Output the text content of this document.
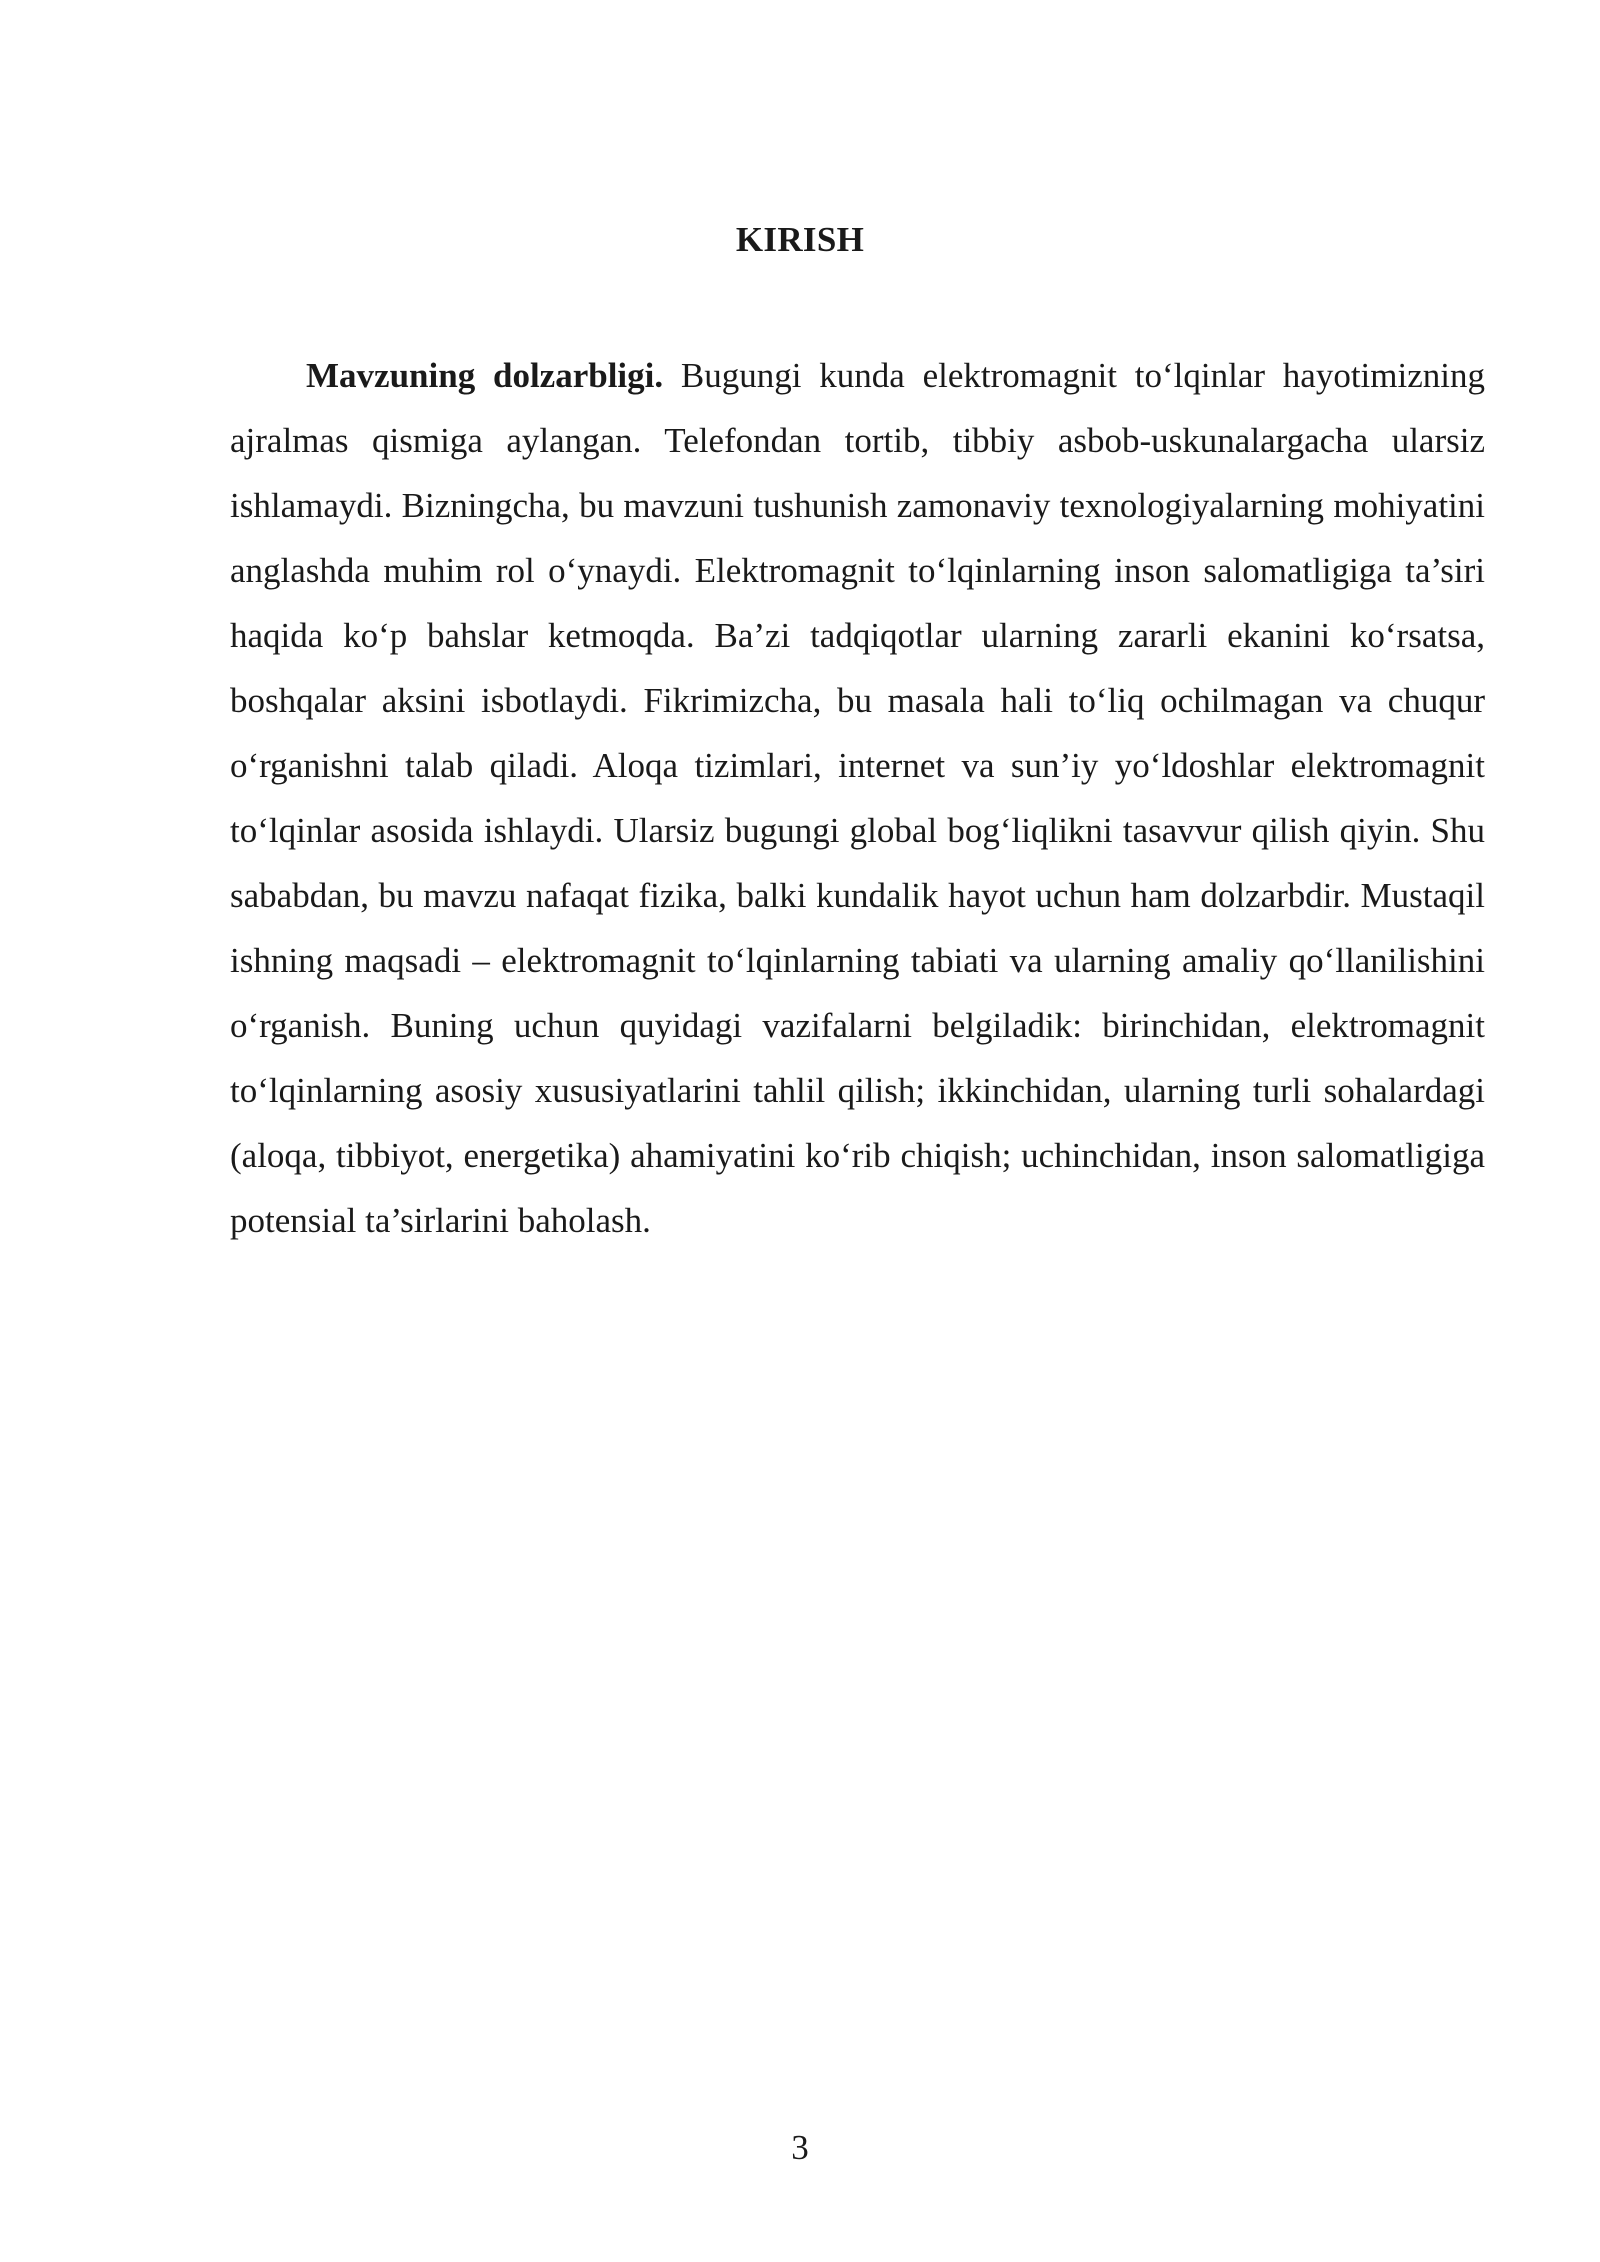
KIRISH

Mavzuning dolzarbligi. Bugungi kunda elektromagnit to‘lqinlar hayotimizning ajralmas qismiga aylangan. Telefondan tortib, tibbiy asbob-uskunalargacha ularsiz ishlamaydi. Bizningcha, bu mavzuni tushunish zamonaviy texnologiyalarning mohiyatini anglashda muhim rol o‘ynaydi. Elektromagnit to‘lqinlarning inson salomatligiga ta’siri haqida ko‘p bahslar ketmoqda. Ba’zi tadqiqotlar ularning zararli ekanini ko‘rsatsa, boshqalar aksini isbotlaydi. Fikrimizcha, bu masala hali to‘liq ochilmagan va chuqur o‘rganishni talab qiladi. Aloqa tizimlari, internet va sun’iy yo‘ldoshlar elektromagnit to‘lqinlar asosida ishlaydi. Ularsiz bugungi global bog‘liqlikni tasavvur qilish qiyin. Shu sababdan, bu mavzu nafaqat fizika, balki kundalik hayot uchun ham dolzarbdir. Mustaqil ishning maqsadi – elektromagnit to‘lqinlarning tabiati va ularning amaliy qo‘llanilishini o‘rganish. Buning uchun quyidagi vazifalarni belgiladik: birinchidan, elektromagnit to‘lqinlarning asosiy xususiyatlarini tahlil qilish; ikkinchidan, ularning turli sohalardagi (aloqa, tibbiyot, energetika) ahamiyatini ko‘rib chiqish; uchinchidan, inson salomatligiga potensial ta’sirlarini baholash.

3
